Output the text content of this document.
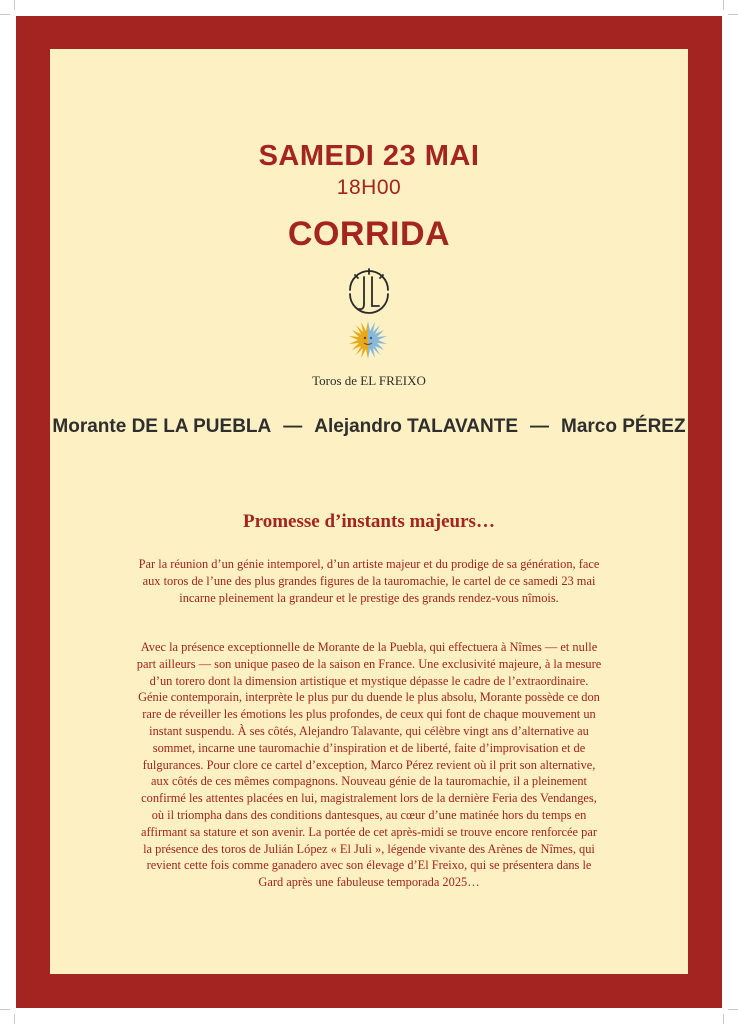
SAMEDI 23 MAI
18H00
CORRIDA
Toros de EL FREIXO
Morante DE LA PUEBLA — Alejandro TALAVANTE — Marco PÉREZ
Promesse d’instants majeurs…
Par la réunion d’un génie intemporel, d’un artiste majeur et du prodige de sa génération, face aux toros de l’une des plus grandes figures de la tauromachie, le cartel de ce samedi 23 mai incarne pleinement la grandeur et le prestige des grands rendez-vous nîmois.
Avec la présence exceptionnelle de Morante de la Puebla, qui effectuera à Nîmes — et nulle part ailleurs — son unique paseo de la saison en France. Une exclusivité majeure, à la mesure d’un torero dont la dimension artistique et mystique dépasse le cadre de l’extraordinaire. Génie contemporain, interprète le plus pur du duende le plus absolu, Morante possède ce don rare de réveiller les émotions les plus profondes, de ceux qui font de chaque mouvement un instant suspendu. À ses côtés, Alejandro Talavante, qui célèbre vingt ans d’alternative au sommet, incarne une tauromachie d’inspiration et de liberté, faite d’improvisation et de fulgurances. Pour clore ce cartel d’exception, Marco Pérez revient où il prit son alternative, aux côtés de ces mêmes compagnons. Nouveau génie de la tauromachie, il a pleinement confirmé les attentes placées en lui, magistralement lors de la dernière Feria des Vendanges, où il triompha dans des conditions dantesques, au cœur d’une matinée hors du temps en affirmant sa stature et son avenir. La portée de cet après-midi se trouve encore renforcée par la présence des toros de Julián López « El Juli », légende vivante des Arènes de Nîmes, qui revient cette fois comme ganadero avec son élevage d’El Freixo, qui se présentera dans le Gard après une fabuleuse temporada 2025…
